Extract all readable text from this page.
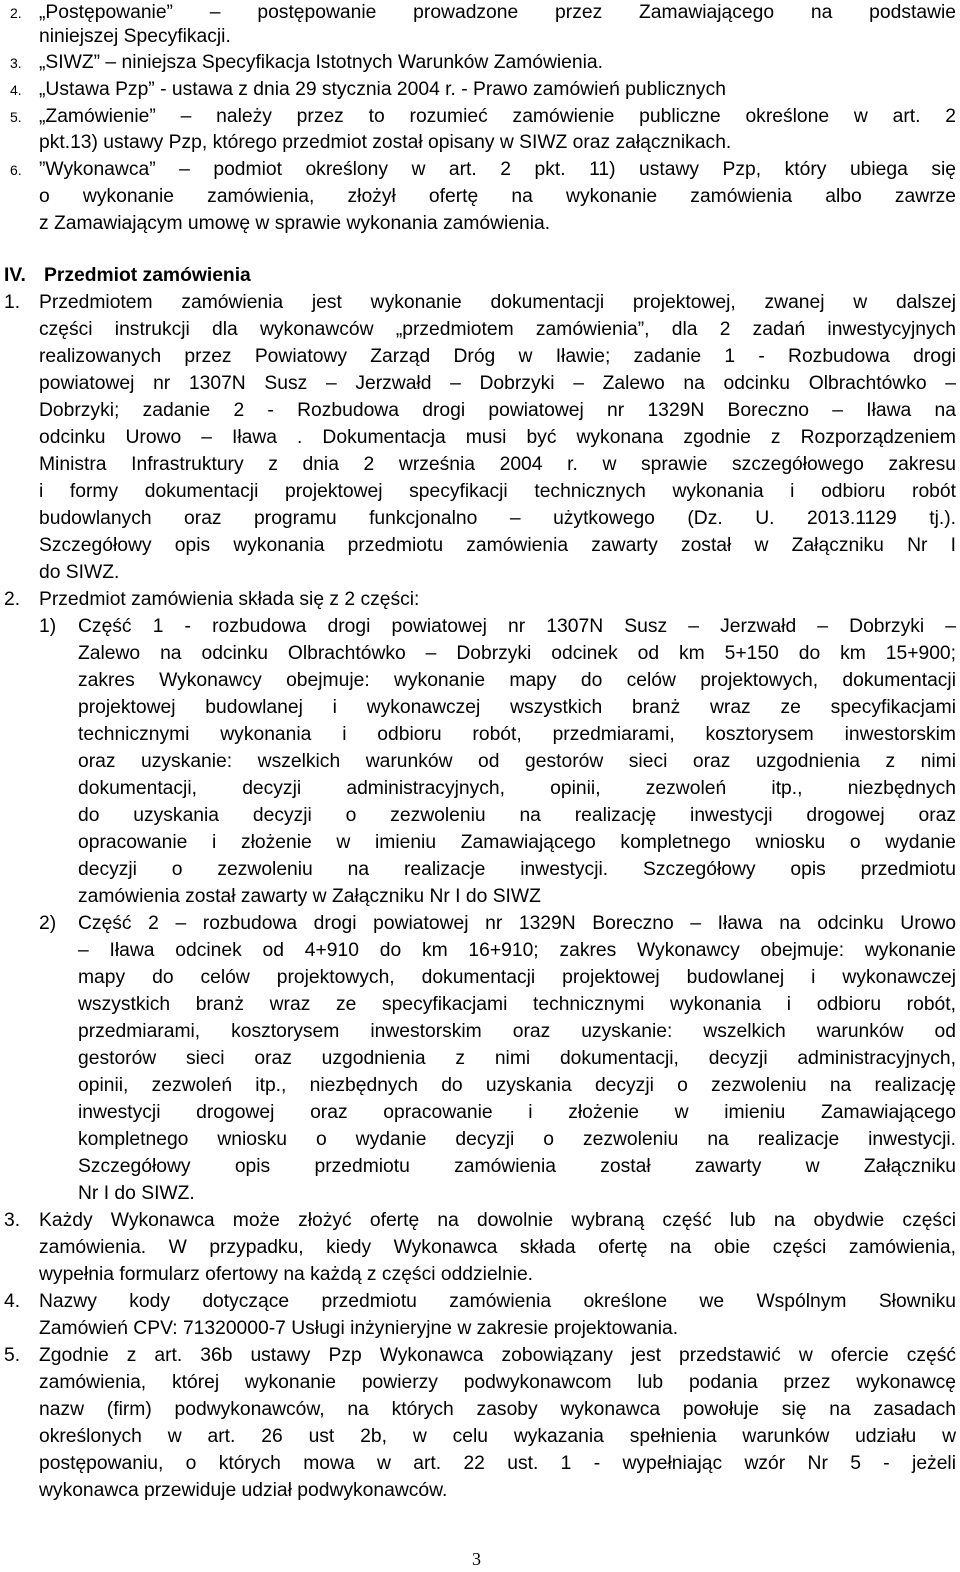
2. „Postępowanie” – postępowanie prowadzone przez Zamawiającego na podstawie
niniejszej Specyfikacji.
3. „SIWZ” – niniejsza Specyfikacja Istotnych Warunków Zamówienia.
4. „Ustawa Pzp” - ustawa z dnia 29 stycznia 2004 r. - Prawo zamówień publicznych
5. „Zamówienie” – należy przez to rozumieć zamówienie publiczne określone w art. 2
pkt.13) ustawy Pzp, którego przedmiot został opisany w SIWZ oraz załącznikach.
6. ”Wykonawca” – podmiot określony w art. 2 pkt. 11) ustawy Pzp, który ubiega się
o wykonanie zamówienia, złożył ofertę na wykonanie zamówienia albo zawrze
z Zamawiającym umowę w sprawie wykonania zamówienia.
IV. Przedmiot zamówienia
1. Przedmiotem zamówienia jest wykonanie dokumentacji projektowej, zwanej w dalszej
części instrukcji dla wykonawców „przedmiotem zamówienia”, dla 2 zadań inwestycyjnych
realizowanych przez Powiatowy Zarząd Dróg w Iławie; zadanie 1 - Rozbudowa drogi
powiatowej nr 1307N Susz – Jerzwałd – Dobrzyki – Zalewo na odcinku Olbrachtówko –
Dobrzyki; zadanie 2 - Rozbudowa drogi powiatowej nr 1329N Boreczno – Iława na
odcinku Urowo – Iława . Dokumentacja musi być wykonana zgodnie z Rozporządzeniem
Ministra Infrastruktury z dnia 2 września 2004 r. w sprawie szczegółowego zakresu
i formy dokumentacji projektowej specyfikacji technicznych wykonania i odbioru robót
budowlanych oraz programu funkcjonalno – użytkowego (Dz. U. 2013.1129 tj.).
Szczegółowy opis wykonania przedmiotu zamówienia zawarty został w Załączniku Nr I
do SIWZ.
2. Przedmiot zamówienia składa się z 2 części:
1) Część 1 - rozbudowa drogi powiatowej nr 1307N Susz – Jerzwałd – Dobrzyki –
Zalewo na odcinku Olbrachtówko – Dobrzyki odcinek od km 5+150 do km 15+900;
zakres Wykonawcy obejmuje: wykonanie mapy do celów projektowych, dokumentacji
projektowej budowlanej i wykonawczej wszystkich branż wraz ze specyfikacjami
technicznymi wykonania i odbioru robót, przedmiarami, kosztorysem inwestorskim
oraz uzyskanie: wszelkich warunków od gestorów sieci oraz uzgodnienia z nimi
dokumentacji, decyzji administracyjnych, opinii, zezwoleń itp., niezbędnych
do uzyskania decyzji o zezwoleniu na realizację inwestycji drogowej oraz
opracowanie i złożenie w imieniu Zamawiającego kompletnego wniosku o wydanie
decyzji o zezwoleniu na realizacje inwestycji. Szczegółowy opis przedmiotu
zamówienia został zawarty w Załączniku Nr I do SIWZ
2) Część 2 – rozbudowa drogi powiatowej nr 1329N Boreczno – Iława na odcinku Urowo
– Iława odcinek od 4+910 do km 16+910; zakres Wykonawcy obejmuje: wykonanie
mapy do celów projektowych, dokumentacji projektowej budowlanej i wykonawczej
wszystkich branż wraz ze specyfikacjami technicznymi wykonania i odbioru robót,
przedmiarami, kosztorysem inwestorskim oraz uzyskanie: wszelkich warunków od
gestorów sieci oraz uzgodnienia z nimi dokumentacji, decyzji administracyjnych,
opinii, zezwoleń itp., niezbędnych do uzyskania decyzji o zezwoleniu na realizację
inwestycji drogowej oraz opracowanie i złożenie w imieniu Zamawiającego
kompletnego wniosku o wydanie decyzji o zezwoleniu na realizacje inwestycji.
Szczegółowy opis przedmiotu zamówienia został zawarty w Załączniku
Nr I do SIWZ.
3. Każdy Wykonawca może złożyć ofertę na dowolnie wybraną część lub na obydwie części
zamówienia. W przypadku, kiedy Wykonawca składa ofertę na obie części zamówienia,
wypełnia formularz ofertowy na każdą z części oddzielnie.
4. Nazwy kody dotyczące przedmiotu zamówienia określone we Wspólnym Słowniku
Zamówień CPV: 71320000-7 Usługi inżynieryjne w zakresie projektowania.
5. Zgodnie z art. 36b ustawy Pzp Wykonawca zobowiązany jest przedstawić w ofercie część
zamówienia, której wykonanie powierzy podwykonawcom lub podania przez wykonawcę
nazw (firm) podwykonawców, na których zasoby wykonawca powołuje się na zasadach
określonych w art. 26 ust 2b, w celu wykazania spełnienia warunków udziału w
postępowaniu, o których mowa w art. 22 ust. 1 - wypełniając wzór Nr 5 - jeżeli
wykonawca przewiduje udział podwykonawców.
3
